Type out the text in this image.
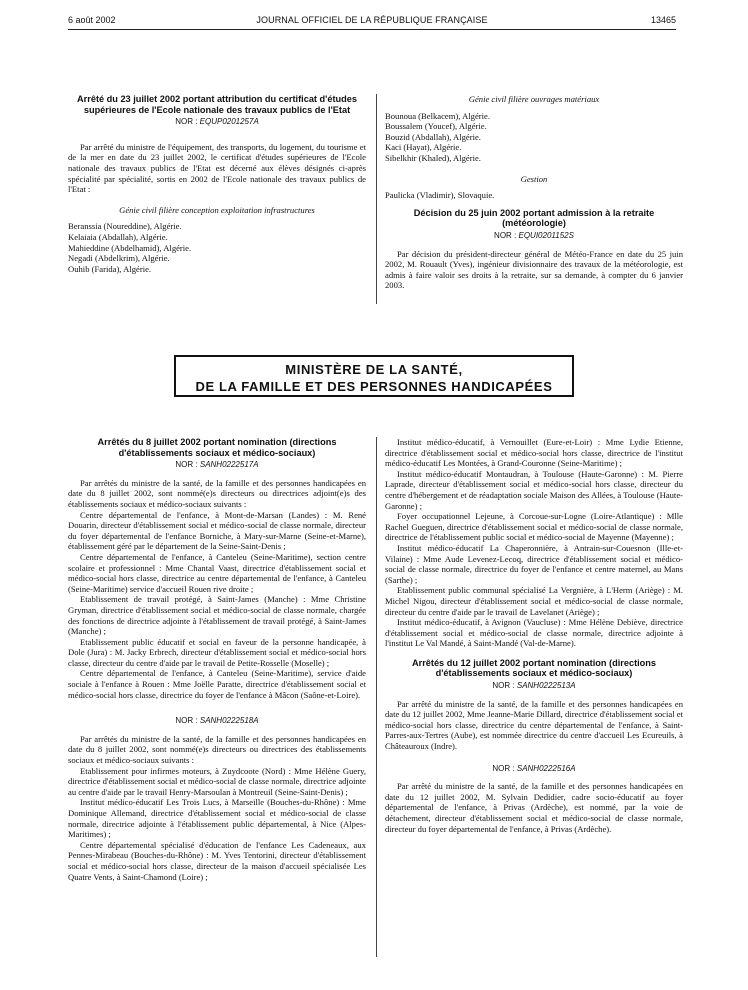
6 août 2002	JOURNAL OFFICIEL DE LA RÉPUBLIQUE FRANÇAISE	13465
Arrêté du 23 juillet 2002 portant attribution du certificat d'études supérieures de l'Ecole nationale des travaux publics de l'Etat
NOR : EQUP0201257A

Par arrêté du ministre de l'équipement, des transports, du logement, du tourisme et de la mer en date du 23 juillet 2002, le certificat d'études supérieures de l'Ecole nationale des travaux publics de l'Etat est décerné aux élèves désignés ci-après spécialité par spécialité, sortis en 2002 de l'Ecole nationale des travaux publics de l'Etat :

Génie civil filière conception exploitation infrastructures

Beranssia (Noureddine), Algérie.

Kelaiaia (Abdallah), Algérie.

Mahieddine (Abdelhamid), Algérie.

Negadi (Abdelkrim), Algérie.

Ouhib (Farida), Algérie.

Génie civil filière ouvrages matériaux

Bounoua (Belkacem), Algérie.

Boussalem (Youcef), Algérie.

Bouzid (Abdallah), Algérie.

Kaci (Hayat), Algérie.

Sibelkhir (Khaled), Algérie.

Gestion

Paulicka (Vladimir), Slovaquie.

Décision du 25 juin 2002 portant admission à la retraite (météorologie)
NOR : EQUI0201152S

Par décision du président-directeur général de Météo-France en date du 25 juin 2002, M. Rouault (Yves), ingénieur divisionnaire des travaux de la météorologie, est admis à faire valoir ses droits à la retraite, sur sa demande, à compter du 6 janvier 2003.

MINISTÈRE DE LA SANTÉ,
DE LA FAMILLE ET DES PERSONNES HANDICAPÉES
Arrêtés du 8 juillet 2002 portant nomination (directions d'établissements sociaux et médico-sociaux)
NOR : SANH0222517A

Par arrêtés du ministre de la santé, de la famille et des personnes handicapées en date du 8 juillet 2002, sont nommé(e)s directeurs ou directrices adjoint(e)s des établissements sociaux et médico-sociaux suivants :

Centre départemental de l'enfance, à Mont-de-Marsan (Landes) : M. René Douarin, directeur d'établissement social et médico-social de classe normale, directeur du foyer départemental de l'enfance Borniche, à Mary-sur-Marne (Seine-et-Marne), établissement géré par le département de la Seine-Saint-Denis ;

Centre départemental de l'enfance, à Canteleu (Seine-Maritime), section centre scolaire et professionnel : Mme Chantal Vaast, directrice d'établissement social et médico-social hors classe, directrice au centre départemental de l'enfance, à Canteleu (Seine-Maritime) service d'accueil Rouen rive droite ;

Etablissement de travail protégé, à Saint-James (Manche) : Mme Christine Gryman, directrice d'établissement social et médico-social de classe normale, chargée des fonctions de directrice adjointe à l'établissement de travail protégé, à Saint-James (Manche) ;

Etablissement public éducatif et social en faveur de la personne handicapée, à Dole (Jura) : M. Jacky Erbrech, directeur d'établissement social et médico-social hors classe, directeur du centre d'aide par le travail de Petite-Rosselle (Moselle) ;

Centre départemental de l'enfance, à Canteleu (Seine-Maritime), service d'aide sociale à l'enfance à Rouen : Mme Joëlle Paratte, directrice d'établissement social et médico-social hors classe, directrice du foyer de l'enfance à Mâcon (Saône-et-Loire).

NOR : SANH0222518A

Par arrêtés du ministre de la santé, de la famille et des personnes handicapées en date du 8 juillet 2002, sont nommé(e)s directeurs ou directrices des établissements sociaux et médico-sociaux suivants :

Etablissement pour infirmes moteurs, à Zuydcoote (Nord) : Mme Hélène Guery, directrice d'établissement social et médico-social de classe normale, directrice adjointe au centre d'aide par le travail Henry-Marsoulan à Montreuil (Seine-Saint-Denis) ;

Institut médico-éducatif Les Trois Lucs, à Marseille (Bouches-du-Rhône) : Mme Dominique Allemand, directrice d'établissement social et médico-social de classe normale, directrice adjointe à l'établissement public départemental, à Nice (Alpes-Maritimes) ;

Centre départemental spécialisé d'éducation de l'enfance Les Cadeneaux, aux Pennes-Mirabeau (Bouches-du-Rhône) : M. Yves Tentorini, directeur d'établissement social et médico-social hors classe, directeur de la maison d'accueil spécialisée Les Quatre Vents, à Saint-Chamond (Loire) ;

Institut médico-éducatif, à Vernouillet (Eure-et-Loir) : Mme Lydie Etienne, directrice d'établissement social et médico-social hors classe, directrice de l'institut médico-éducatif Les Montées, à Grand-Couronne (Seine-Maritime) ;

Institut médico-éducatif Montaudran, à Toulouse (Haute-Garonne) : M. Pierre Laprade, directeur d'établissement social et médico-social hors classe, directeur du centre d'hébergement et de réadaptation sociale Maison des Allées, à Toulouse (Haute-Garonne) ;

Foyer occupationnel Lejeune, à Corcoue-sur-Logne (Loire-Atlantique) : Mlle Rachel Gueguen, directrice d'établissement social et médico-social de classe normale, directrice de l'établissement public social et médico-social de Mayenne (Mayenne) ;

Institut médico-éducatif La Chaperonnière, à Antrain-sur-Couesnon (Ille-et-Vilaine) : Mme Aude Levenez-Lecoq, directrice d'établissement social et médico-social de classe normale, directrice du foyer de l'enfance et centre maternel, au Mans (Sarthe) ;

Etablissement public communal spécialisé La Vergnière, à L'Herm (Ariège) : M. Michel Nigou, directeur d'établissement social et médico-social de classe normale, directeur du centre d'aide par le travail de Lavelanet (Ariège) ;

Institut médico-éducatif, à Avignon (Vaucluse) : Mme Hélène Debiève, directrice d'établissement social et médico-social de classe normale, directrice adjointe à l'institut Le Val Mandé, à Saint-Mandé (Val-de-Marne).

Arrêtés du 12 juillet 2002 portant nomination (directions d'établissements sociaux et médico-sociaux)
NOR : SANH0222513A

Par arrêté du ministre de la santé, de la famille et des personnes handicapées en date du 12 juillet 2002, Mme Jeanne-Marie Dillard, directrice d'établissement social et médico-social hors classe, directrice du centre départemental de l'enfance, à Saint-Parres-aux-Tertres (Aube), est nommée directrice du centre d'accueil Les Ecureuils, à Châteauroux (Indre).

NOR : SANH0222516A

Par arrêté du ministre de la santé, de la famille et des personnes handicapées en date du 12 juillet 2002, M. Sylvain Dedidier, cadre socio-éducatif au foyer départemental de l'enfance, à Privas (Ardèche), est nommé, par la voie de détachement, directeur d'établissement social et médico-social de classe normale, directeur du foyer départemental de l'enfance, à Privas (Ardèche).
